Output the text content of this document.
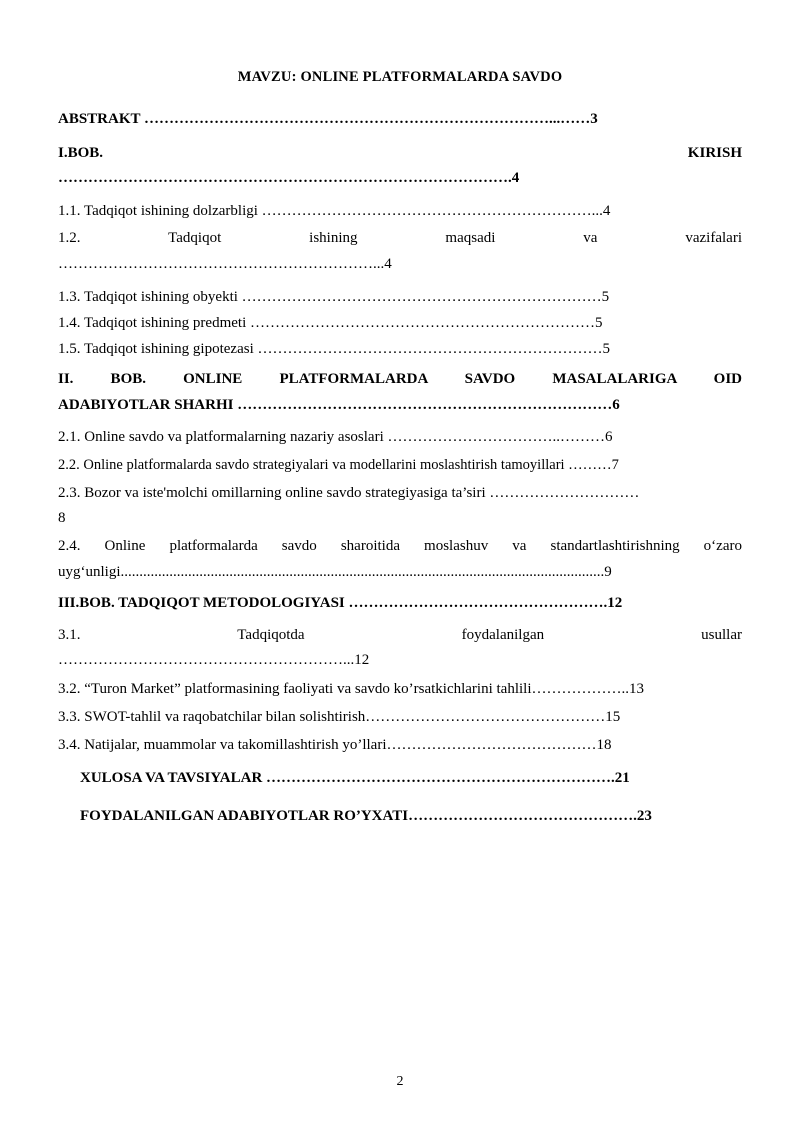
MAVZU: ONLINE PLATFORMALARDA SAVDO
ABSTRAKT ………………………………………………………………………...……3
I.BOB. KIRISH
……………………………………………………………………………….4
1.1. Tadqiqot ishining dolzarbligi …………………………………………………………...4
1.2. Tadqiqot ishining maqsadi va vazifalari
………………………………………………………...4
1.3. Tadqiqot ishining obyekti ………………………………………………………………5
1.4. Tadqiqot ishining predmeti ……………………………………………………………5
1.5. Tadqiqot ishining gipotezasi ……………………………………………………………5
II. BOB. ONLINE PLATFORMALARDA SAVDO MASALALARIGA OID
ADABIYOTLAR SHARHI …………………………………………………………………6
2.1. Online savdo va platformalarning nazariy asoslari ……………………………..………6
2.2. Online platformalarda savdo strategiyalari va modellarini moslashtirish tamoyillari ………7
2.3. Bozor va iste'molchi omillarning online savdo strategiyasiga ta’siri …………………………
8
2.4. Online platformalarda savdo sharoitida moslashuv va standartlashtirishning o‘zaro
uyg‘unligi.................................................................................................................................9
III.BOB. TADQIQOT METODOLOGIYASI …………………………………………….12
3.1. Tadqiqotda foydalanilgan usullar
…………………………………………………...12
3.2. “Turon Market” platformasining faoliyati va savdo ko’rsatkichlarini tahlili………………..13
3.3. SWOT-tahlil va raqobatchilar bilan solishtirish…………………………………………15
3.4. Natijalar, muammolar va takomillashtirish yo’llari……………………………………18
XULOSA VA TAVSIYALAR …………………………………………………………….21
FOYDALANILGAN ADABIYOTLAR RO’YXATI……………………………………….23
2
